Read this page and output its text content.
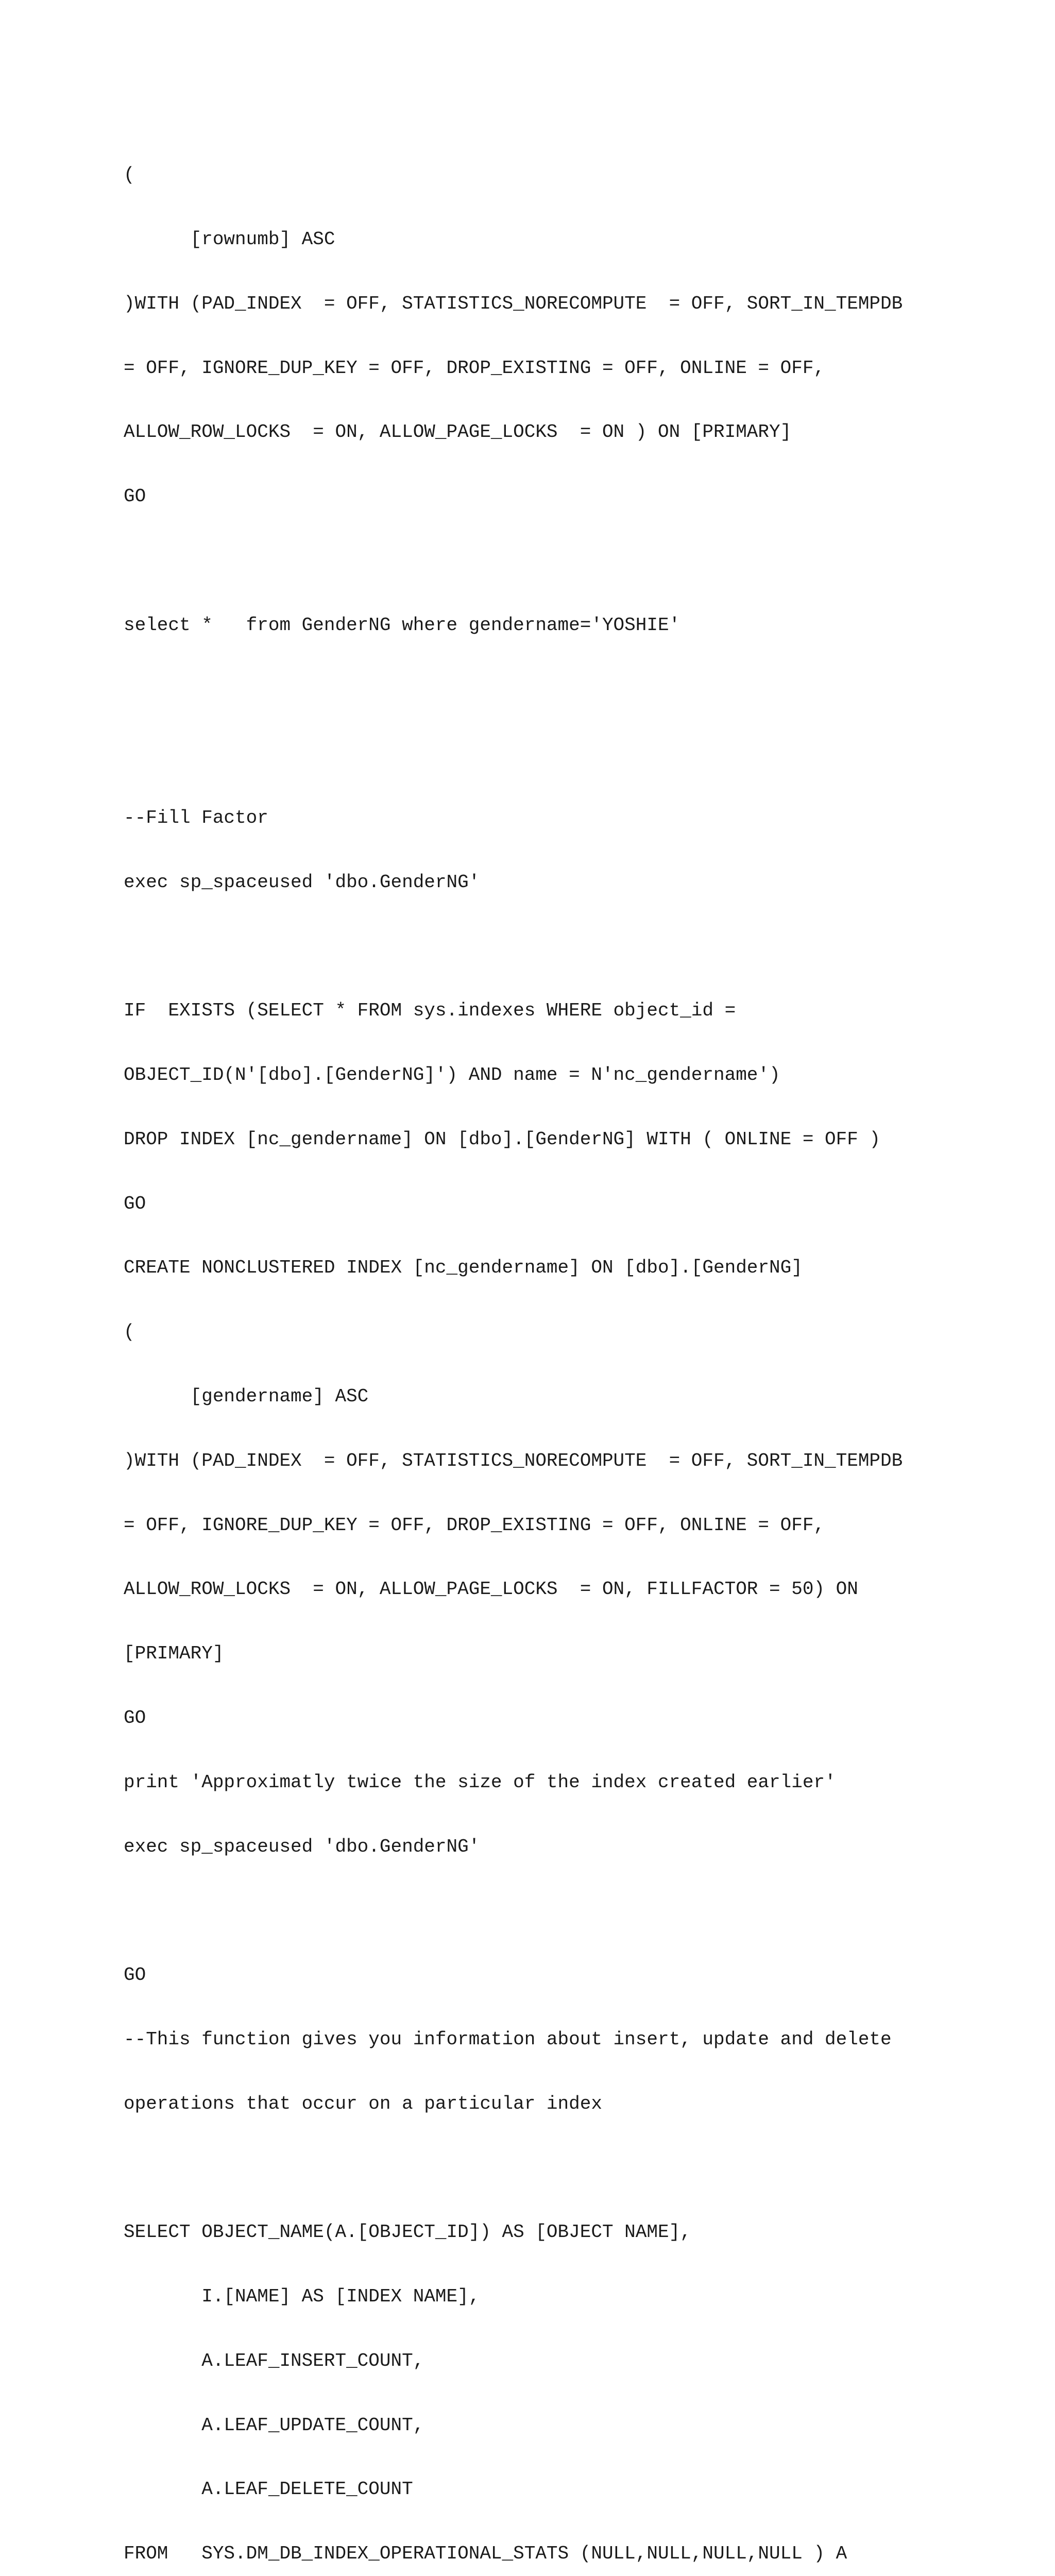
(

[rownumb] ASC

)WITH (PAD_INDEX  = OFF, STATISTICS_NORECOMPUTE  = OFF, SORT_IN_TEMPDB

= OFF, IGNORE_DUP_KEY = OFF, DROP_EXISTING = OFF, ONLINE = OFF,

ALLOW_ROW_LOCKS  = ON, ALLOW_PAGE_LOCKS  = ON ) ON [PRIMARY]

GO

select *   from GenderNG where gendername='YOSHIE'

--Fill Factor

exec sp_spaceused 'dbo.GenderNG'

IF  EXISTS (SELECT * FROM sys.indexes WHERE object_id =

OBJECT_ID(N'[dbo].[GenderNG]') AND name = N'nc_gendername')

DROP INDEX [nc_gendername] ON [dbo].[GenderNG] WITH ( ONLINE = OFF )

GO

CREATE NONCLUSTERED INDEX [nc_gendername] ON [dbo].[GenderNG]

(

[gendername] ASC

)WITH (PAD_INDEX  = OFF, STATISTICS_NORECOMPUTE  = OFF, SORT_IN_TEMPDB

= OFF, IGNORE_DUP_KEY = OFF, DROP_EXISTING = OFF, ONLINE = OFF,

ALLOW_ROW_LOCKS  = ON, ALLOW_PAGE_LOCKS  = ON, FILLFACTOR = 50) ON

[PRIMARY]

GO

print 'Approximatly twice the size of the index created earlier'

exec sp_spaceused 'dbo.GenderNG'

GO

--This function gives you information about insert, update and delete

operations that occur on a particular index

SELECT OBJECT_NAME(A.[OBJECT_ID]) AS [OBJECT NAME],

I.[NAME] AS [INDEX NAME],

A.LEAF_INSERT_COUNT,

A.LEAF_UPDATE_COUNT,

A.LEAF_DELETE_COUNT

FROM   SYS.DM_DB_INDEX_OPERATIONAL_STATS (NULL,NULL,NULL,NULL ) A
